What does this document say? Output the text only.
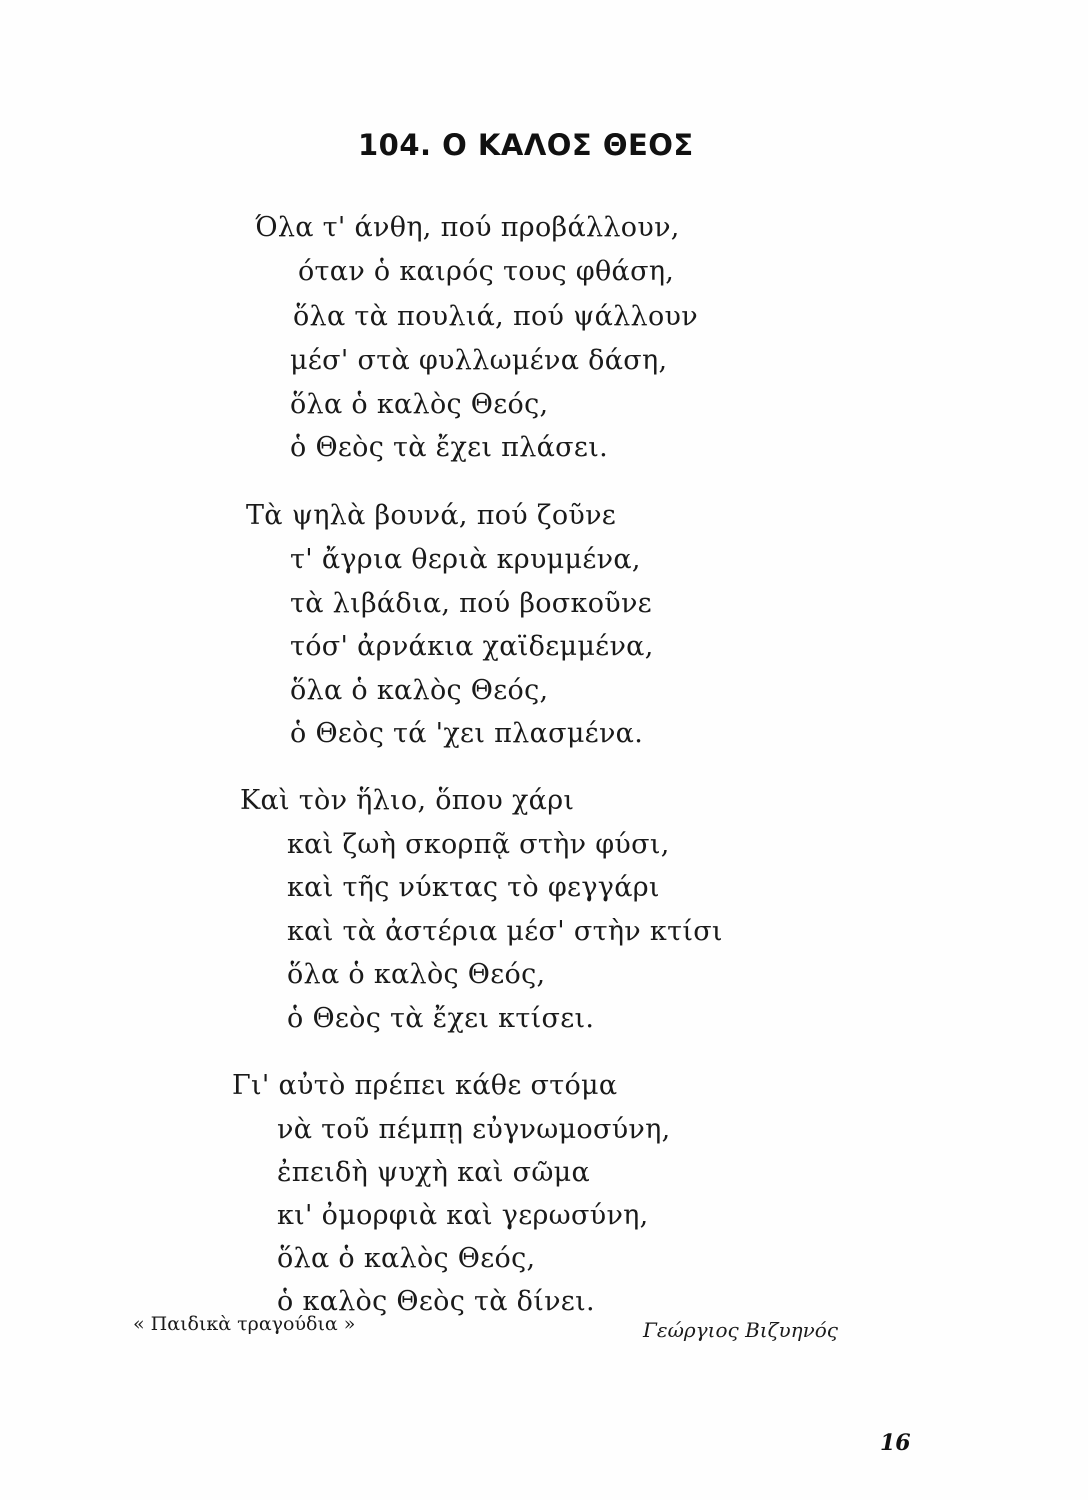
104. Ο ΚΑΛΟΣ ΘΕΟΣ
Όλα τ' άνθη, πού προβάλλουν,
όταν ὁ καιρός τους φθάση,
ὅλα τὰ πουλιά, πού ψάλλουν
μέσ' στὰ φυλλωμένα δάση,
ὅλα ὁ καλὸς Θεός,
ὁ Θεὸς τὰ ἔχει πλάσει.
Τὰ ψηλὰ βουνά, πού ζοῦνε
τ' ἄγρια θεριὰ κρυμμένα,
τὰ λιβάδια, πού βοσκοῦνε
τόσ' ἀρνάκια χαϊδεμμένα,
ὅλα ὁ καλὸς Θεός,
ὁ Θεὸς τά 'χει πλασμένα.
Καὶ τὸν ἥλιο, ὅπου χάρι
καὶ ζωὴ σκορπᾷ στὴν φύσι,
καὶ τῆς νύκτας τὸ φεγγάρι
καὶ τὰ ἀστέρια μέσ' στὴν κτίσι
ὅλα ὁ καλὸς Θεός,
ὁ Θεὸς τὰ ἔχει κτίσει.
Γι' αὐτὸ πρέπει κάθε στόμα
νὰ τοῦ πέμπῃ εὐγνωμοσύνη,
ἐπειδὴ ψυχὴ καὶ σῶμα
κι' ὀμορφιὰ καὶ γερωσύνη,
ὅλα ὁ καλὸς Θεός,
ὁ καλὸς Θεὸς τὰ δίνει.
« Παιδικὰ τραγούδια »	Γεώργιος Βιζυηνός
16
